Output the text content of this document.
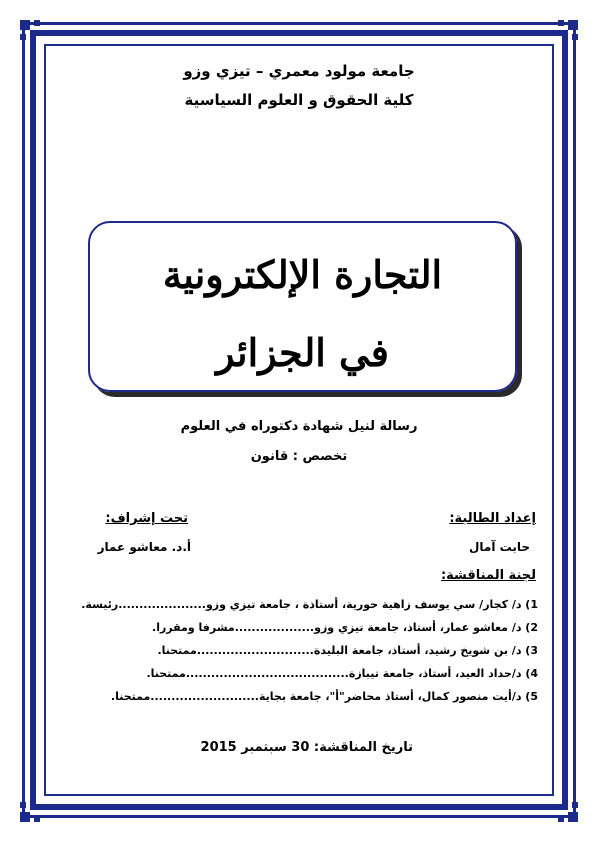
جامعة مولود معمري – تيزي وزو
كلية الحقوق و العلوم السياسية
التجارة الإلكترونية
في الجزائر
رسالة لنيل شهادة دكتوراه في العلوم
تخصص : قانون
إعداد الطالبة:
تحت إشراف:
حابت آمال
أ.د. معاشو عمار
لجنة المناقشة:
1) د/ كجار/ سي يوسف زاهية حورية، أستاذة ، جامعة تيزي وزو.....................رئيسة.
2) د/ معاشو عمار، أستاذ، جامعة تيزي وزو...................مشرفا ومقررا.
3) د/ بن شويخ رشيد، أستاذ، جامعة البليدة............................ممتحنا.
4) د/حداد العيد، أستاذ، جامعة تيبازة.......................................ممتحنا.
5) د/أيت منصور كمال، أستاذ محاضر"أ"، جامعة بجاية..........................ممتحنا.
تاريخ المناقشة: 30 سبتمبر 2015
